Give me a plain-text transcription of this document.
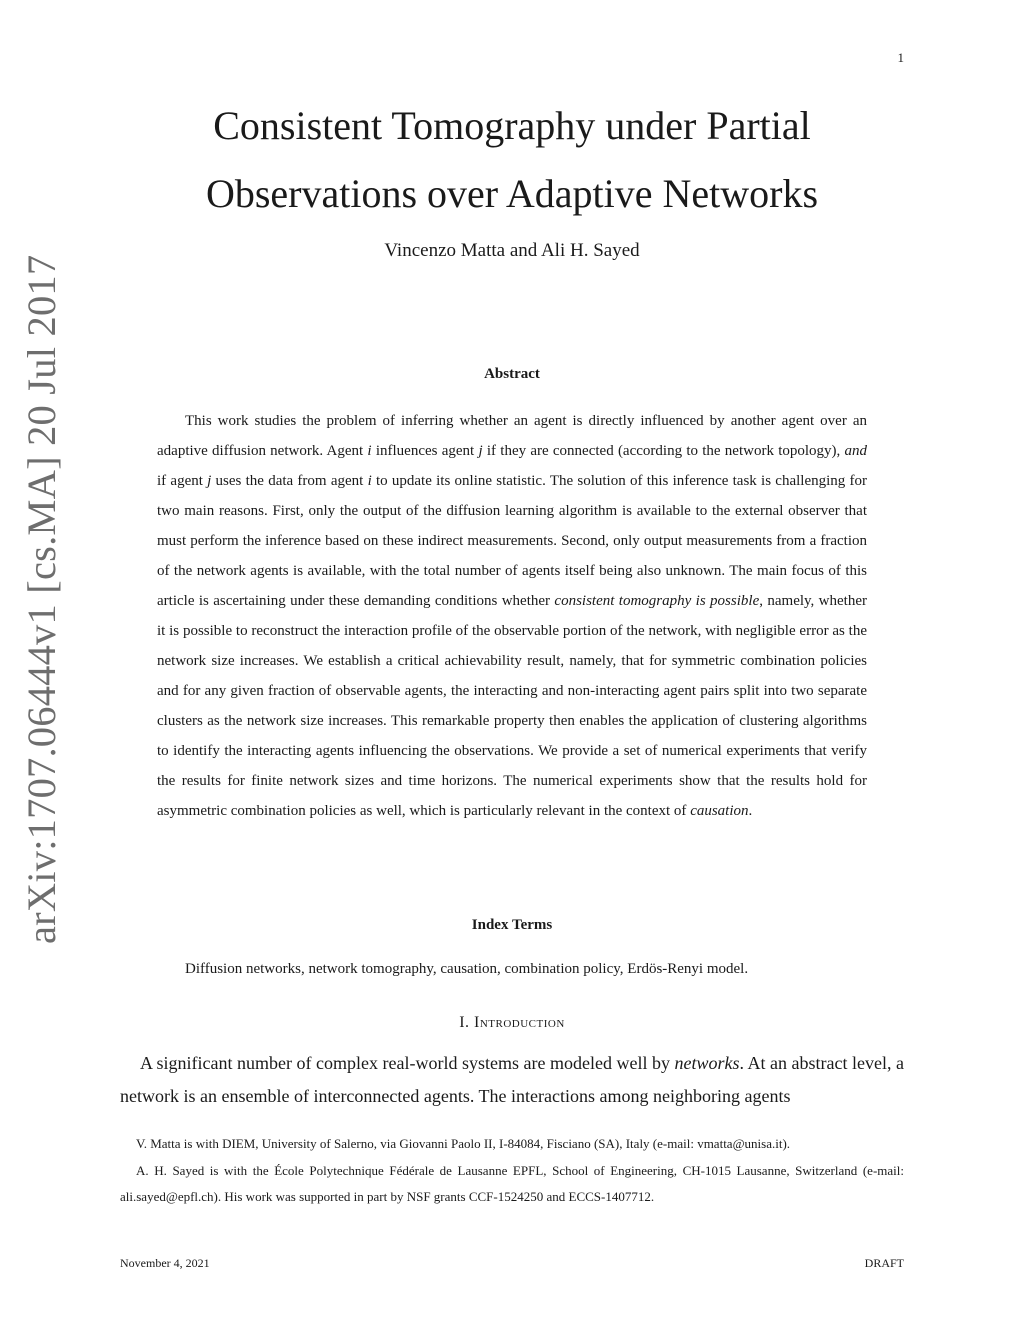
1
arXiv:1707.06444v1 [cs.MA] 20 Jul 2017
Consistent Tomography under Partial
Observations over Adaptive Networks
Vincenzo Matta and Ali H. Sayed
Abstract

This work studies the problem of inferring whether an agent is directly influenced by another agent over an adaptive diffusion network. Agent i influences agent j if they are connected (according to the network topology), and if agent j uses the data from agent i to update its online statistic. The solution of this inference task is challenging for two main reasons. First, only the output of the diffusion learning algorithm is available to the external observer that must perform the inference based on these indirect measurements. Second, only output measurements from a fraction of the network agents is available, with the total number of agents itself being also unknown. The main focus of this article is ascertaining under these demanding conditions whether consistent tomography is possible, namely, whether it is possible to reconstruct the interaction profile of the observable portion of the network, with negligible error as the network size increases. We establish a critical achievability result, namely, that for symmetric combination policies and for any given fraction of observable agents, the interacting and non-interacting agent pairs split into two separate clusters as the network size increases. This remarkable property then enables the application of clustering algorithms to identify the interacting agents influencing the observations. We provide a set of numerical experiments that verify the results for finite network sizes and time horizons. The numerical experiments show that the results hold for asymmetric combination policies as well, which is particularly relevant in the context of causation.

Index Terms

Diffusion networks, network tomography, causation, combination policy, Erdös-Renyi model.

I. Introduction

A significant number of complex real-world systems are modeled well by networks. At an abstract level, a network is an ensemble of interconnected agents. The interactions among neighboring agents

V. Matta is with DIEM, University of Salerno, via Giovanni Paolo II, I-84084, Fisciano (SA), Italy (e-mail: vmatta@unisa.it).

A. H. Sayed is with the École Polytechnique Fédérale de Lausanne EPFL, School of Engineering, CH-1015 Lausanne, Switzerland (e-mail: ali.sayed@epfl.ch). His work was supported in part by NSF grants CCF-1524250 and ECCS-1407712.

November 4, 2021	DRAFT
